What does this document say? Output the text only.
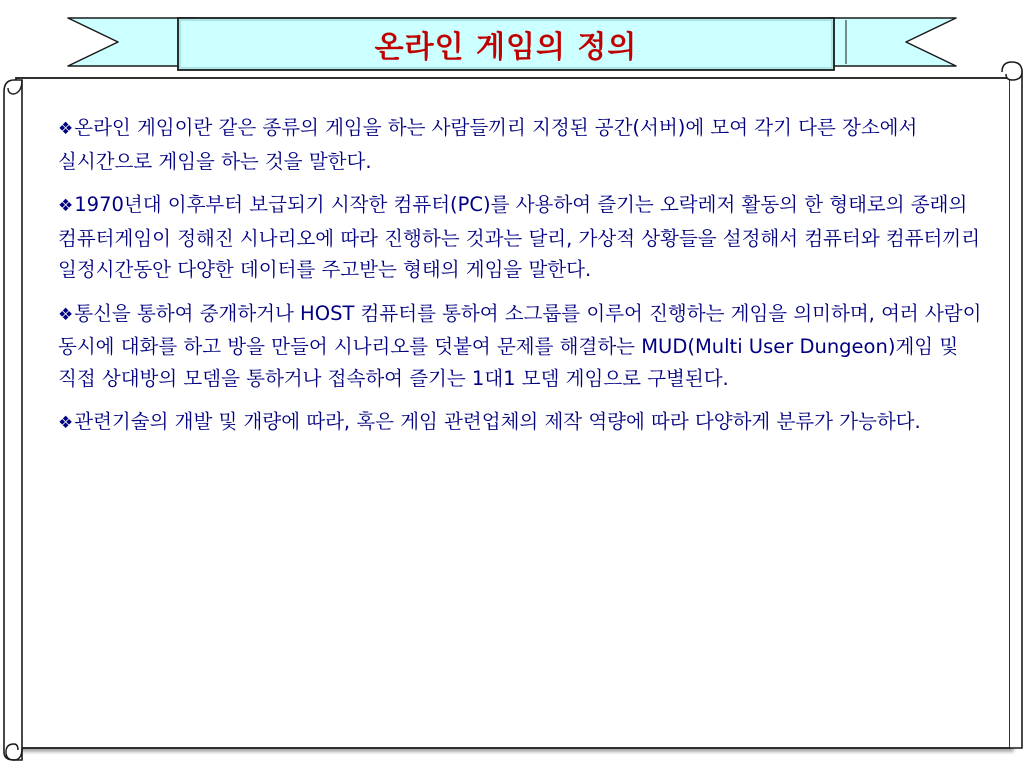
온라인 게임의 정의

❖온라인 게임이란 같은 종류의 게임을 하는 사람들끼리 지정된 공간(서버)에 모여 각기 다른 장소에서 실시간으로 게임을 하는 것을 말한다.

❖1970년대 이후부터 보급되기 시작한 컴퓨터(PC)를 사용하여 즐기는 오락레저 활동의 한 형태로의 종래의 컴퓨터게임이 정해진 시나리오에 따라 진행하는 것과는 달리, 가상적 상황들을 설정해서 컴퓨터와 컴퓨터끼리 일정시간동안 다양한 데이터를 주고받는 형태의 게임을 말한다.

❖통신을 통하여 중개하거나 HOST 컴퓨터를 통하여 소그룹를 이루어 진행하는 게임을 의미하며, 여러 사람이 동시에 대화를 하고 방을 만들어 시나리오를 덧붙여 문제를 해결하는 MUD(Multi User Dungeon)게임 및 직접 상대방의 모뎀을 통하거나 접속하여 즐기는 1대1 모뎀 게임으로 구별된다.

❖관련기술의 개발 및 개량에 따라, 혹은 게임 관련업체의 제작 역량에 따라 다양하게 분류가 가능하다.
